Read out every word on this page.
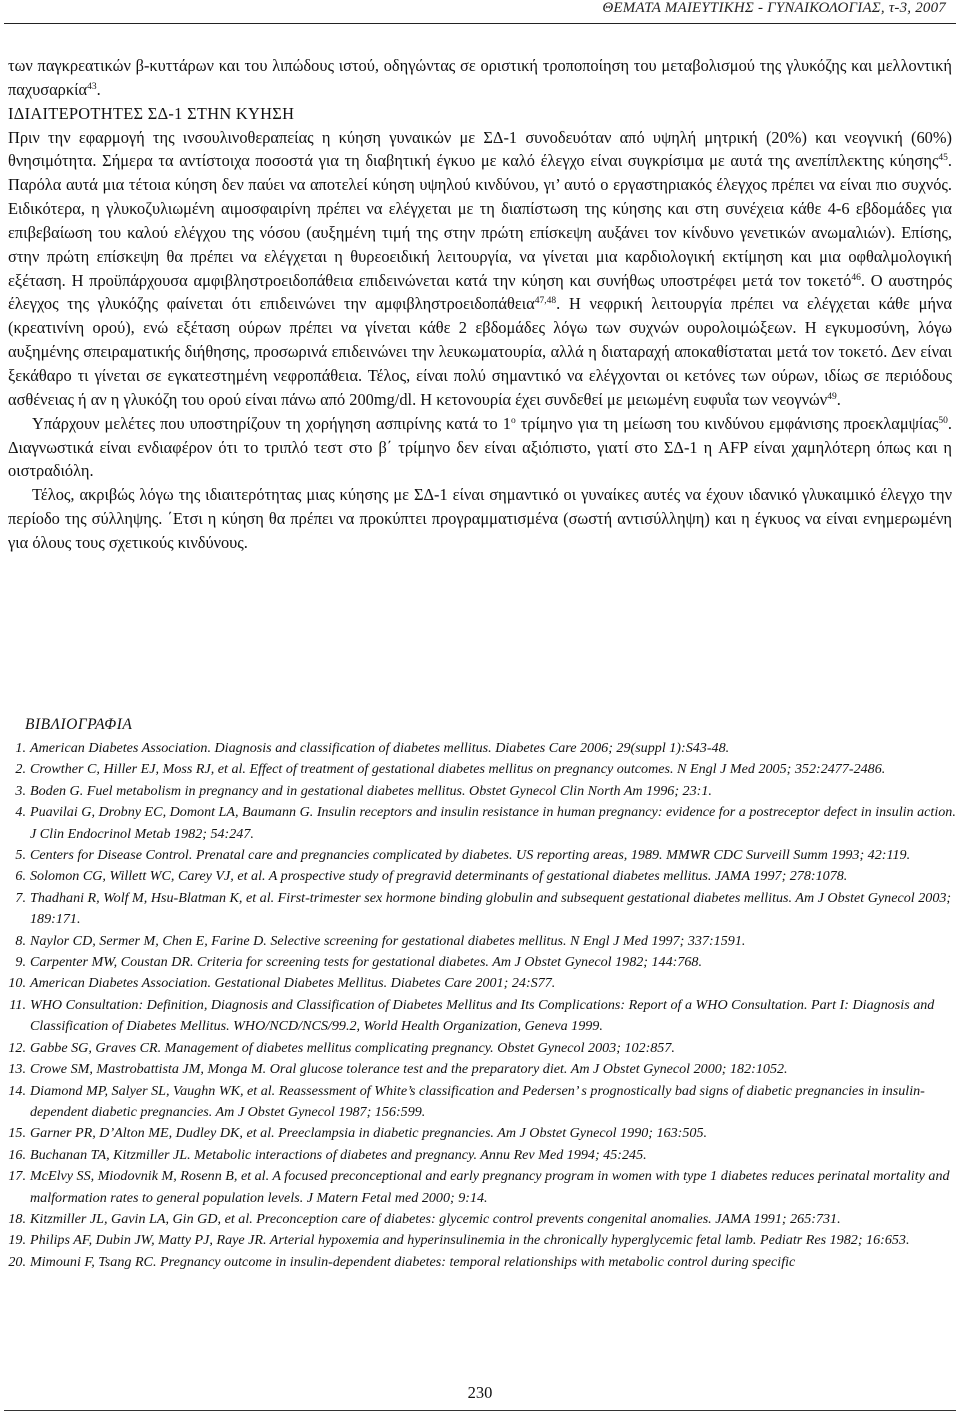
ΘΕΜΑΤΑ ΜΑΙΕΥΤΙΚΗΣ - ΓΥΝΑΙΚΟΛΟΓΙΑΣ, τ-3, 2007

των παγκρεατικών β-κυττάρων και του λιπώδους ιστού, οδηγώντας σε οριστική τροποποίηση του μεταβολισμού της γλυκόζης και μελλοντική παχυσαρκία$^{43}$.

ΙΔΙΑΙΤΕΡΟΤΗΤΕΣ ΣΔ-1 ΣΤΗΝ ΚΥΗΣΗ

Πριν την εφαρμογή της ινσουλινοθεραπείας η κύηση γυναικών με ΣΔ-1 συνοδευόταν από υψηλή μητρική (20%) και νεογνική (60%) θνησιμότητα. Σήμερα τα αντίστοιχα ποσοστά για τη διαβητική έγκυο με καλό έλεγχο είναι συγκρίσιμα με αυτά της ανεπίπλεκτης κύησης$^{45}$. Παρόλα αυτά μια τέτοια κύηση δεν παύει να αποτελεί κύηση υψηλού κινδύνου, γι’ αυτό ο εργαστηριακός έλεγχος πρέπει να είναι πιο συχνός. Ειδικότερα, η γλυκοζυλιωμένη αιμοσφαιρίνη πρέπει να ελέγχεται με τη διαπίστωση της κύησης και στη συνέχεια κάθε 4-6 εβδομάδες για επιβεβαίωση του καλού ελέγχου της νόσου (αυξημένη τιμή της στην πρώτη επίσκεψη αυξάνει τον κίνδυνο γενετικών ανωμαλιών). Επίσης, στην πρώτη επίσκεψη θα πρέπει να ελέγχεται η θυρεοειδική λειτουργία, να γίνεται μια καρδιολογική εκτίμηση και μια οφθαλμολογική εξέταση. Η προϋπάρχουσα αμφιβληστροειδοπάθεια επιδεινώνεται κατά την κύηση και συνήθως υποστρέφει μετά τον τοκετό$^{46}$. Ο αυστηρός έλεγχος της γλυκόζης φαίνεται ότι επιδεινώνει την αμφιβληστροειδοπάθεια$^{47,48}$. Η νεφρική λειτουργία πρέπει να ελέγχεται κάθε μήνα (κρεατινίνη ορού), ενώ εξέταση ούρων πρέπει να γίνεται κάθε 2 εβδομάδες λόγω των συχνών ουρολοιμώξεων. Η εγκυμοσύνη, λόγω αυξημένης σπειραματικής διήθησης, προσωρινά επιδεινώνει την λευκωματουρία, αλλά η διαταραχή αποκαθίσταται μετά τον τοκετό. Δεν είναι ξεκάθαρο τι γίνεται σε εγκατεστημένη νεφροπάθεια. Τέλος, είναι πολύ σημαντικό να ελέγχονται οι κετόνες των ούρων, ιδίως σε περιόδους ασθένειας ή αν η γλυκόζη του ορού είναι πάνω από 200mg/dl. Η κετονουρία έχει συνδεθεί με μειωμένη ευφυΐα των νεογνών$^{49}$.

Υπάρχουν μελέτες που υποστηρίζουν τη χορήγηση ασπιρίνης κατά το $1^o$ τρίμηνο για τη μείωση του κινδύνου εμφάνισης προεκλαμψίας$^{50}$. Διαγνωστικά είναι ενδιαφέρον ότι το τριπλό τεστ στο β΄ τρίμηνο δεν είναι αξιόπιστο, γιατί στο ΣΔ-1 η AFP είναι χαμηλότερη όπως και η οιστραδιόλη.

Τέλος, ακριβώς λόγω της ιδιαιτερότητας μιας κύησης με ΣΔ-1 είναι σημαντικό οι γυναίκες αυτές να έχουν ιδανικό γλυκαιμικό έλεγχο την περίοδο της σύλληψης. ΄Ετσι η κύηση θα πρέπει να προκύπτει προγραμματισμένα (σωστή αντισύλληψη) και η έγκυος να είναι ενημερωμένη για όλους τους σχετικούς κινδύνους.

ΒΙΒΛΙΟΓΡΑΦΙΑ
1. American Diabetes Association. Diagnosis and classification of diabetes mellitus. Diabetes Care 2006; 29(suppl 1):S43-48.
2. Crowther C, Hiller EJ, Moss RJ, et al. Effect of treatment of gestational diabetes mellitus on pregnancy outcomes. N Engl J Med 2005; 352:2477-2486.
3. Boden G. Fuel metabolism in pregnancy and in gestational diabetes mellitus. Obstet Gynecol Clin North Am 1996; 23:1.
4. Puavilai G, Drobny EC, Domont LA, Baumann G. Insulin receptors and insulin resistance in human pregnancy: evidence for a postreceptor defect in insulin action. J Clin Endocrinol Metab 1982; 54:247.
5. Centers for Disease Control. Prenatal care and pregnancies complicated by diabetes. US reporting areas, 1989. MMWR CDC Surveill Summ 1993; 42:119.
6. Solomon CG, Willett WC, Carey VJ, et al. A prospective study of pregravid determinants of gestational diabetes mellitus. JAMA 1997; 278:1078.
7. Thadhani R, Wolf M, Hsu-Blatman K, et al. First-trimester sex hormone binding globulin and subsequent gestational diabetes mellitus. Am J Obstet Gynecol 2003; 189:171.
8. Naylor CD, Sermer M, Chen E, Farine D. Selective screening for gestational diabetes mellitus. N Engl J Med 1997; 337:1591.
9. Carpenter MW, Coustan DR. Criteria for screening tests for gestational diabetes. Am J Obstet Gynecol 1982; 144:768.
10. American Diabetes Association. Gestational Diabetes Mellitus. Diabetes Care 2001; 24:S77.
11. WHO Consultation: Definition, Diagnosis and Classification of Diabetes Mellitus and Its Complications: Report of a WHO Consultation. Part I: Diagnosis and Classification of Diabetes Mellitus. WHO/NCD/NCS/99.2, World Health Organization, Geneva 1999.
12. Gabbe SG, Graves CR. Management of diabetes mellitus complicating pregnancy. Obstet Gynecol 2003; 102:857.
13. Crowe SM, Mastrobattista JM, Monga M. Oral glucose tolerance test and the preparatory diet. Am J Obstet Gynecol 2000; 182:1052.
14. Diamond MP, Salyer SL, Vaughn WK, et al. Reassessment of White’s classification and Pedersen’ s prognostically bad signs of diabetic pregnancies in insulin-dependent diabetic pregnancies. Am J Obstet Gynecol 1987; 156:599.
15. Garner PR, D’Alton ME, Dudley DK, et al. Preeclampsia in diabetic pregnancies. Am J Obstet Gynecol 1990; 163:505.
16. Buchanan TA, Kitzmiller JL. Metabolic interactions of diabetes and pregnancy. Annu Rev Med 1994; 45:245.
17. McElvy SS, Miodovnik M, Rosenn B, et al. A focused preconceptional and early pregnancy program in women with type 1 diabetes reduces perinatal mortality and malformation rates to general population levels. J Matern Fetal med 2000; 9:14.
18. Kitzmiller JL, Gavin LA, Gin GD, et al. Preconception care of diabetes: glycemic control prevents congenital anomalies. JAMA 1991; 265:731.
19. Philips AF, Dubin JW, Matty PJ, Raye JR. Arterial hypoxemia and hyperinsulinemia in the chronically hyperglycemic fetal lamb. Pediatr Res 1982; 16:653.
20. Mimouni F, Tsang RC. Pregnancy outcome in insulin-dependent diabetes: temporal relationships with metabolic control during specific
230
